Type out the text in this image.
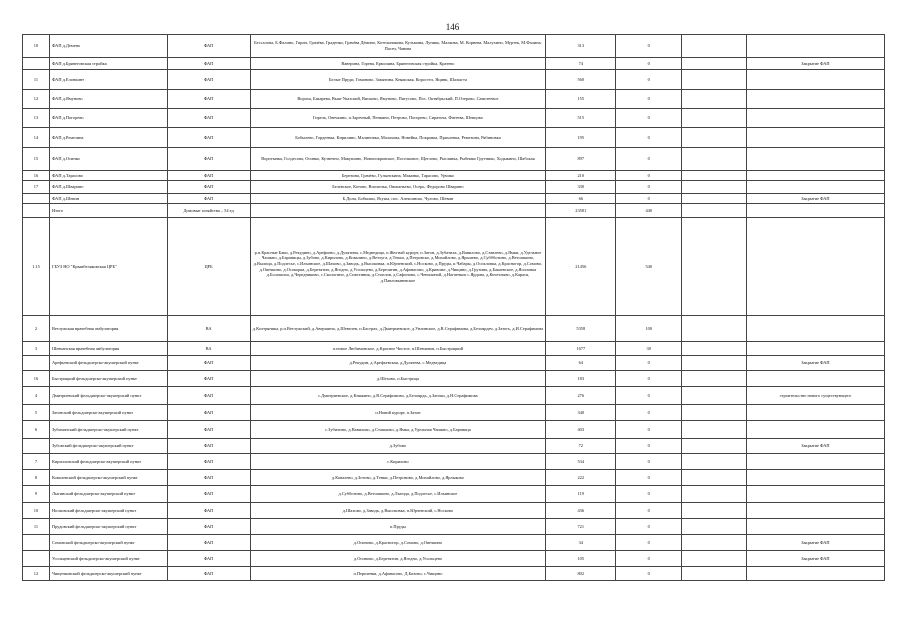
146
10	ФАП д.Демено	ФАП	Бессалова, Б.Фалино, Гирич, Грачёва, Граденко, Грачёва Дёмино, Котельникова, Кузьмина, Лунико, Малкова, М. Корнева, Малухино, Муртек, М.Фалина, Пасеч, Чанова	313	0		
	ФАП д.Брянеговская стройка	ФАП	Ваверина, Горева, Ермоляна, Брянеговская стройка, Кратево	74	0		Закрытие ФАП
11	ФАП д.Елонкинт	ФАП	Белые Пруди, Гоманово, Замятина, Княжская, Коростел, Яцинк, Шалыгта	560	0		
12	ФАП д.Ямуново	ФАП	Вороха, Бакарева, Выш-Указский, Висково, Ямуново, Пятусово, Пос. Октябрьский, П.Озерово, Самотеевое	155	0		
13	ФАП д.Погорево	ФАП	Гирель, Овечкино, п.Заречный, Пенкино, Петрово, Погорево, Сираточа, Фатеева, Шевцово	515	0		
14	ФАП д.Ремезина	ФАП	Бобылево, Гордеевка, Кирилино, Малиновка, Малахова, Новейка, Покровка, Пряхлевка, Ремезина, Рябиновка	195	0		
15	ФАП д.Осинко	ФАП	Воротынка, Голдесова, Осинко, Кузнечно, Макушино, Новопокровское, Поселковое, Щеглово, Рыслянка, Рыбнико Грутнико, Ходыкино, Шабская	897	0		
16	ФАП д.Тарасово	ФАП	Березина, Грачёво, Гулынскина, Маканко, Тарасово, Урчико	210	0		
17	ФАП д.Шварино	ФАП	Белевское, Котово, Вполичья, Овоканьево, Осерь, Федорово Шварино	330	0		
	ФАП д.Шевин	ФАП	Б.Доли, Бобылки, Ясуша, пос. Алексинско, Чулово, Шевин	66	0		Закрытие ФАП
	Итого	Домовые хозяйства – 54 ед		23581	440		
1.15	ГБУЗ НО "Крымбеляковская ЦРБ"	ЦРБ	р.п.Красные Баки, д.Рекудино, д.Арефьево, д.Дулятина, с.Медведица, п.Желтый курорт, п.Затон, д.Зубатиха, д.Вавилово, д.Ставлево, д.Ямки, д.Удельное Чашкно, д.Бараницы, д.Зубово, д.Кирилово, д.Ковалино, д.Ветлуга, д.Тепки, д.Петровско, д.Михайлово, д.Ярьшево, д.Суббботино, д.Ветошкино, д.Вылица, д.Подлесье, с.Ильинское, д.Шахово, д.Заводь, д.Высоковка, п.Юрченский, с.Носково, д.Пруды, п.Чабары, д.Осокловка, д.Красногор, д.Сомово, д.Овечкино, д.Осокорка, д.Березятин, д.Ягодно, д.Усольцево, д.Березятин, д.Афанасово, д.Кривоже, д.Чищино, д.Грузина, д.Бакаевское, д.Ясиловка д.Болошиха, д.Чередниково, с.Скологино, д.Сивстиния, д.Стоилов, д.Сафоново, с.Ченилиной, д.Нагатнкоп с.Ярдова, д.Кочетлыво, д.Карася, д.Павловыневское	21456	540		
2	Ветлужская врачебная амбулатория	ВА	д.Колтряника, р.п.Ветлужский, д.Авершино, д.Шевелев, п.Бастрах, д.Дмитриевское, д.Унлинское, д.В.Серафимова, д.Белоярдеч, д.Затогь, д.И.Серафимова	5358	100		
3	Шевчанская врачебная амбулатория	ВА	п.новое Любимовское, д.Красное Чистое, п.Шевчанов, п.Быстрицкий	1677	30		
	Арефьевский фельдшерско-акушерский пункт	ФАП	д.Рекудин, д.Арефьевская, д.Дулятева, с.Медведица	64	0		Закрытие ФАП
16	Быстрицкий фельдшерско-акушерский пункт	ФАП	д.Шехово, п.Быстрица	183	0		
4	Дмитриевский фельдшерско-акушерский пункт	ФАП	с.Дмитриевское, д.Княжино, д.В.Серафимово, д.Белоярдь, д.Затоки, д.Н.Серафимова	276	0		строительство нового существующего
5	Затонский фельдшерско-акушерский пункт	ФАП	п.Новий курорт, п.Затон	340	0		
6	Зубихинский фельдшерско-акушерский пункт	ФАП	с.Зубихино, д.Вавилово, д.Сташково, д.Ямка, д.Удельная Чашкно, д.Бараница	403	0		
	Зубовский фельдшерско-акушерский пункт	ФАП	д.Зубово	72	0		Закрытие ФАП
7	Кирилловский фельдшерско-акушерский пункт	ФАП	с.Кирилово	534	0		
8	Ковалевский фельдшерско-акушерский пункт	ФАП	д.Ковалево, д.Зотово, д.Тенки, д.Петровово, д.Михайлово, д.Ярлыково	222	0		
9	Лыгинский фельдшерско-акушерский пункт	ФАП	д.Субботино, д.Ветошкино, д.Лыгида, д.Подлесье, с.Ильинское	119	0		
10	Носковский фельдшерско-акушерский пункт	ФАП	д.Шахово, д.Заводь, д.Высоковка, п.Юрченский, с.Носково	436	0		
11	Прудовский фельдшерско-акушерский пункт	ФАП	п.Пруды	721	0		
	Сомовский фельдшерско-акушерский пункт	ФАП	д.Осиново, д.Красногор, д.Сомово, д.Овечкино	34	0		Закрытие ФАП
	Усольцевский фельдшерско-акушерский пункт	ФАП	д.Осиново, д.Березятин, д.Ягодно, д.Усольцево	105	0		Закрытие ФАП
12	Чищенковский фельдшерско-акушерский пункт	ФАП	п.Першенки, д.Афанасово, Д.Бизово, с.Чищино	802	0		
